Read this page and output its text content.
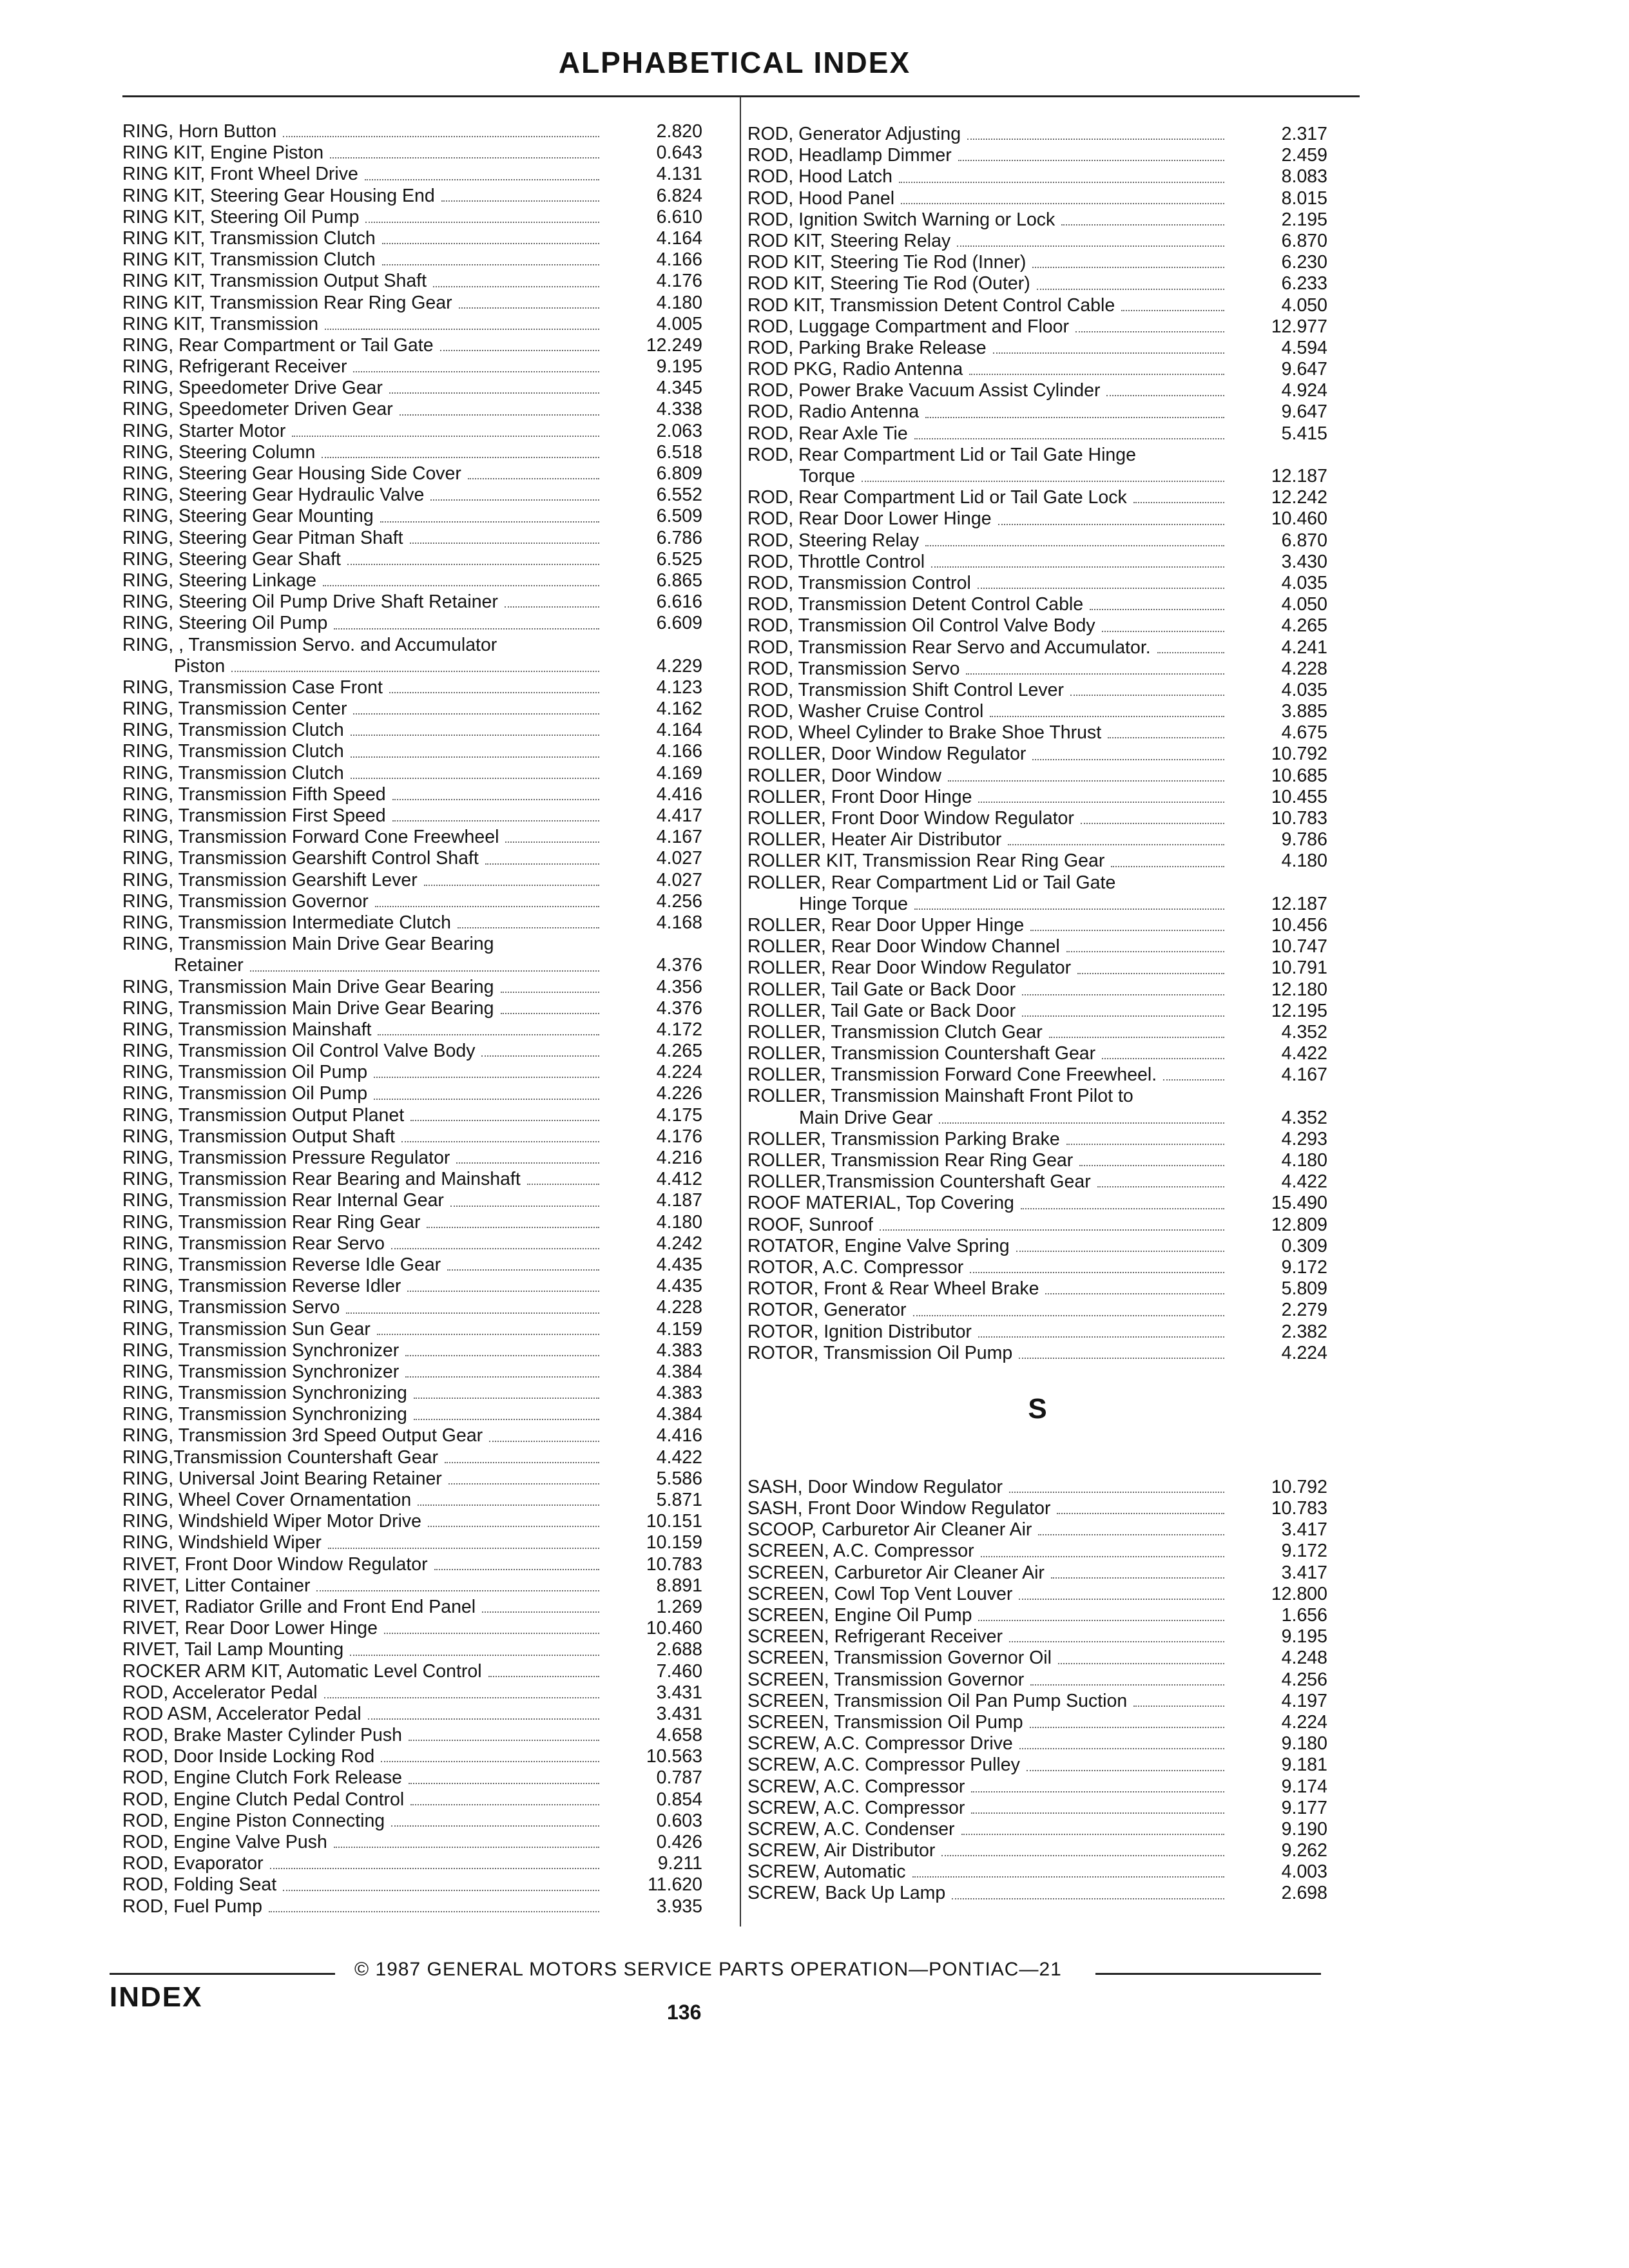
ALPHABETICAL INDEX
RING, Horn Button	2.820
RING KIT, Engine Piston	0.643
RING KIT, Front Wheel Drive	4.131
RING KIT, Steering Gear Housing End	6.824
RING KIT, Steering Oil Pump	6.610
RING KIT, Transmission Clutch	4.164
RING KIT, Transmission Clutch	4.166
RING KIT, Transmission Output Shaft	4.176
RING KIT, Transmission Rear Ring Gear	4.180
RING KIT, Transmission	4.005
RING, Rear Compartment or Tail Gate	12.249
RING, Refrigerant Receiver	9.195
RING, Speedometer Drive Gear	4.345
RING, Speedometer Driven Gear	4.338
RING, Starter Motor	2.063
RING, Steering Column	6.518
RING, Steering Gear Housing Side Cover	6.809
RING, Steering Gear Hydraulic Valve	6.552
RING, Steering Gear Mounting	6.509
RING, Steering Gear Pitman Shaft	6.786
RING, Steering Gear Shaft	6.525
RING, Steering Linkage	6.865
RING, Steering Oil Pump Drive Shaft Retainer	6.616
RING, Steering Oil Pump	6.609
RING, , Transmission Servo. and Accumulator
Piston	4.229
RING, Transmission Case Front	4.123
RING, Transmission Center	4.162
RING, Transmission Clutch	4.164
RING, Transmission Clutch	4.166
RING, Transmission Clutch	4.169
RING, Transmission Fifth Speed	4.416
RING, Transmission First Speed	4.417
RING, Transmission Forward Cone Freewheel	4.167
RING, Transmission Gearshift Control Shaft	4.027
RING, Transmission Gearshift Lever	4.027
RING, Transmission Governor	4.256
RING, Transmission Intermediate Clutch	4.168
RING, Transmission Main Drive Gear Bearing
Retainer	4.376
RING, Transmission Main Drive Gear Bearing	4.356
RING, Transmission Main Drive Gear Bearing	4.376
RING, Transmission Mainshaft	4.172
RING, Transmission Oil Control Valve Body	4.265
RING, Transmission Oil Pump	4.224
RING, Transmission Oil Pump	4.226
RING, Transmission Output Planet	4.175
RING, Transmission Output Shaft	4.176
RING, Transmission Pressure Regulator	4.216
RING, Transmission Rear Bearing and Mainshaft	4.412
RING, Transmission Rear Internal Gear	4.187
RING, Transmission Rear Ring Gear	4.180
RING, Transmission Rear Servo	4.242
RING, Transmission Reverse Idle Gear	4.435
RING, Transmission Reverse Idler	4.435
RING, Transmission Servo	4.228
RING, Transmission Sun Gear	4.159
RING, Transmission Synchronizer	4.383
RING, Transmission Synchronizer	4.384
RING, Transmission Synchronizing	4.383
RING, Transmission Synchronizing	4.384
RING, Transmission 3rd Speed Output Gear	4.416
RING,Transmission Countershaft Gear	4.422
RING, Universal Joint Bearing Retainer	5.586
RING, Wheel Cover Ornamentation	5.871
RING, Windshield Wiper Motor Drive	10.151
RING, Windshield Wiper	10.159
RIVET, Front Door Window Regulator	10.783
RIVET, Litter Container	8.891
RIVET, Radiator Grille and Front End Panel	1.269
RIVET, Rear Door Lower Hinge	10.460
RIVET, Tail Lamp Mounting	2.688
ROCKER ARM KIT, Automatic Level Control	7.460
ROD, Accelerator Pedal	3.431
ROD ASM, Accelerator Pedal	3.431
ROD, Brake Master Cylinder Push	4.658
ROD, Door Inside Locking Rod	10.563
ROD, Engine Clutch Fork Release	0.787
ROD, Engine Clutch Pedal Control	0.854
ROD, Engine Piston Connecting	0.603
ROD, Engine Valve Push	0.426
ROD, Evaporator	9.211
ROD, Folding Seat	11.620
ROD, Fuel Pump	3.935
ROD, Generator Adjusting	2.317
ROD, Headlamp Dimmer	2.459
ROD, Hood Latch	8.083
ROD, Hood Panel	8.015
ROD, Ignition Switch Warning or Lock	2.195
ROD KIT, Steering Relay	6.870
ROD KIT, Steering Tie Rod (Inner)	6.230
ROD KIT, Steering Tie Rod (Outer)	6.233
ROD KIT, Transmission Detent Control Cable	4.050
ROD, Luggage Compartment and Floor	12.977
ROD, Parking Brake Release	4.594
ROD PKG, Radio Antenna	9.647
ROD, Power Brake Vacuum Assist Cylinder	4.924
ROD, Radio Antenna	9.647
ROD, Rear Axle Tie	5.415
ROD, Rear Compartment Lid or Tail Gate Hinge
Torque	12.187
ROD, Rear Compartment Lid or Tail Gate Lock	12.242
ROD, Rear Door Lower Hinge	10.460
ROD, Steering Relay	6.870
ROD, Throttle Control	3.430
ROD, Transmission Control	4.035
ROD, Transmission Detent Control Cable	4.050
ROD, Transmission Oil Control Valve Body	4.265
ROD, Transmission Rear Servo and Accumulator.	4.241
ROD, Transmission Servo	4.228
ROD, Transmission Shift Control Lever	4.035
ROD, Washer Cruise Control	3.885
ROD, Wheel Cylinder to Brake Shoe Thrust	4.675
ROLLER, Door Window Regulator	10.792
ROLLER, Door Window	10.685
ROLLER, Front Door Hinge	10.455
ROLLER, Front Door Window Regulator	10.783
ROLLER, Heater Air Distributor	9.786
ROLLER KIT, Transmission Rear Ring Gear	4.180
ROLLER, Rear Compartment Lid or Tail Gate
Hinge Torque	12.187
ROLLER, Rear Door Upper Hinge	10.456
ROLLER, Rear Door Window Channel	10.747
ROLLER, Rear Door Window Regulator	10.791
ROLLER, Tail Gate or Back Door	12.180
ROLLER, Tail Gate or Back Door	12.195
ROLLER, Transmission Clutch Gear	4.352
ROLLER, Transmission Countershaft Gear	4.422
ROLLER, Transmission Forward Cone Freewheel.	4.167
ROLLER, Transmission Mainshaft Front Pilot to
Main Drive Gear	4.352
ROLLER, Transmission Parking Brake	4.293
ROLLER, Transmission Rear Ring Gear	4.180
ROLLER,Transmission Countershaft Gear	4.422
ROOF MATERIAL, Top Covering	15.490
ROOF, Sunroof	12.809
ROTATOR, Engine Valve Spring	0.309
ROTOR, A.C. Compressor	9.172
ROTOR, Front & Rear Wheel Brake	5.809
ROTOR, Generator	2.279
ROTOR, Ignition Distributor	2.382
ROTOR, Transmission Oil Pump	4.224
S
SASH, Door Window Regulator	10.792
SASH, Front Door Window Regulator	10.783
SCOOP, Carburetor Air Cleaner Air	3.417
SCREEN, A.C. Compressor	9.172
SCREEN, Carburetor Air Cleaner Air	3.417
SCREEN, Cowl Top Vent Louver	12.800
SCREEN, Engine Oil Pump	1.656
SCREEN, Refrigerant Receiver	9.195
SCREEN, Transmission Governor Oil	4.248
SCREEN, Transmission Governor	4.256
SCREEN, Transmission Oil Pan Pump Suction	4.197
SCREEN, Transmission Oil Pump	4.224
SCREW, A.C. Compressor Drive	9.180
SCREW, A.C. Compressor Pulley	9.181
SCREW, A.C. Compressor	9.174
SCREW, A.C. Compressor	9.177
SCREW, A.C. Condenser	9.190
SCREW, Air Distributor	9.262
SCREW, Automatic	4.003
SCREW, Back Up Lamp	2.698
© 1987 GENERAL MOTORS SERVICE PARTS OPERATION—PONTIAC—21
INDEX	136
